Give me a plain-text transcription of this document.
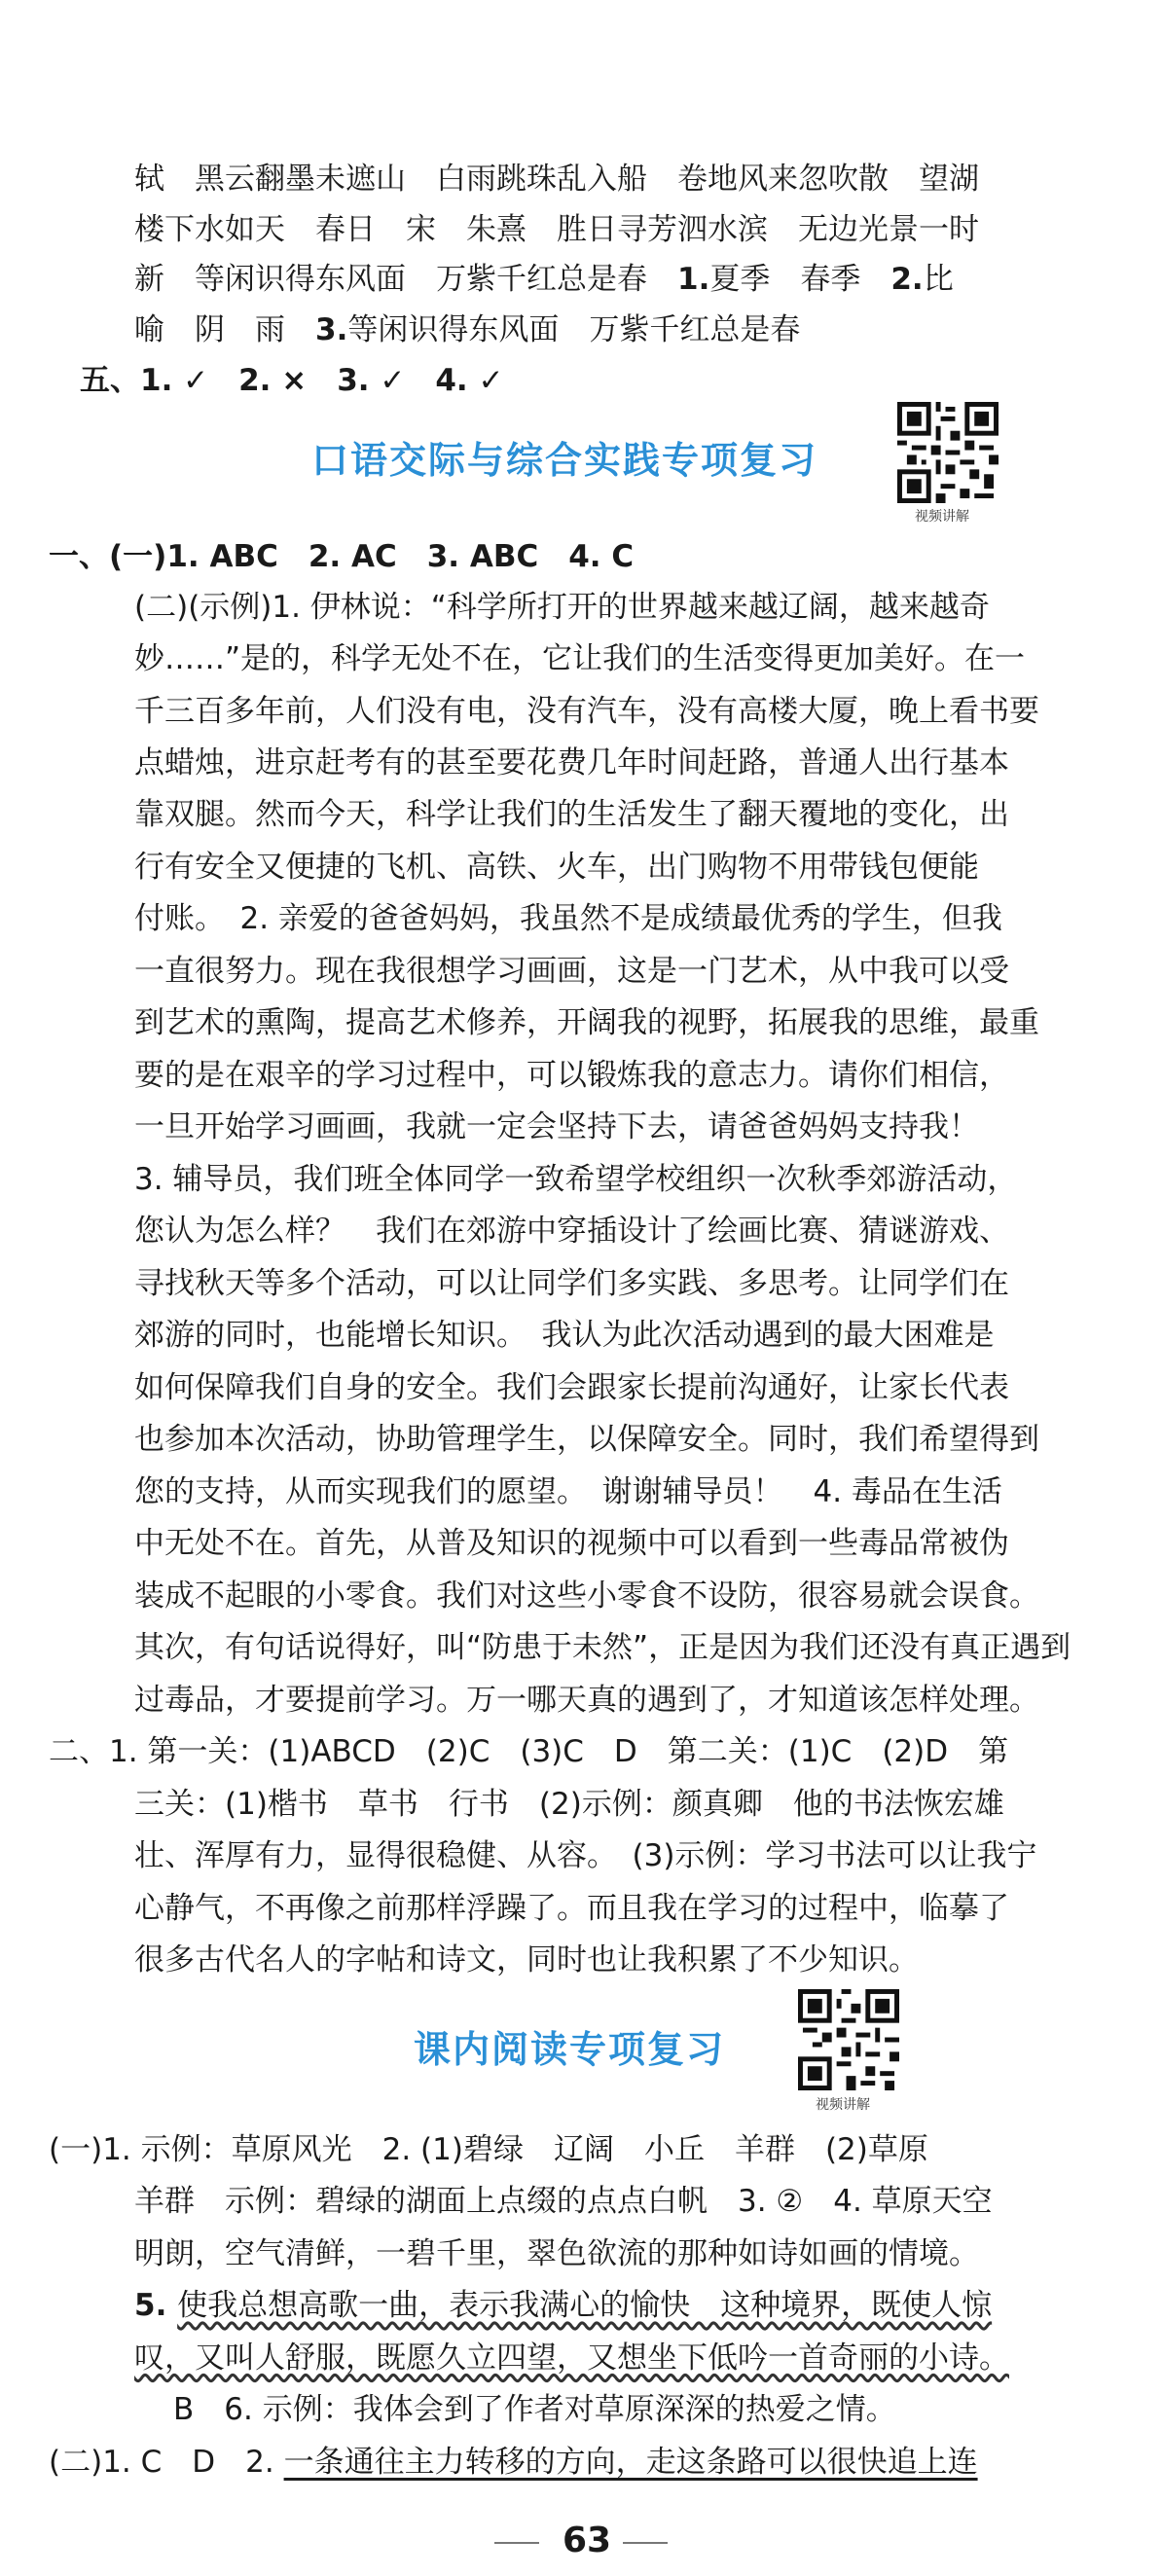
轼　黑云翻墨未遮山　白雨跳珠乱入船　卷地风来忽吹散　望湖
楼下水如天　春日　宋　朱熹　胜日寻芳泗水滨　无边光景一时
新　等闲识得东风面　万紫千红总是春　1.夏季　春季　2.比
喻　阴　雨　3.等闲识得东风面　万紫千红总是春
五、1. ✓　2. ×　3. ✓　4. ✓
口语交际与综合实践专项复习
视频讲解
一、(一)1. ABC　2. AC　3. ABC　4. C
(二)(示例)1. 伊林说：“科学所打开的世界越来越辽阔，越来越奇
妙……”是的，科学无处不在，它让我们的生活变得更加美好。在一
千三百多年前，人们没有电，没有汽车，没有高楼大厦，晚上看书要
点蜡烛，进京赶考有的甚至要花费几年时间赶路，普通人出行基本
靠双腿。然而今天，科学让我们的生活发生了翻天覆地的变化，出
行有安全又便捷的飞机、高铁、火车，出门购物不用带钱包便能
付账。　2. 亲爱的爸爸妈妈，我虽然不是成绩最优秀的学生，但我
一直很努力。现在我很想学习画画，这是一门艺术，从中我可以受
到艺术的熏陶，提高艺术修养，开阔我的视野，拓展我的思维，最重
要的是在艰辛的学习过程中，可以锻炼我的意志力。请你们相信，
一旦开始学习画画，我就一定会坚持下去，请爸爸妈妈支持我！
3. 辅导员，我们班全体同学一致希望学校组织一次秋季郊游活动，
您认为怎么样？　我们在郊游中穿插设计了绘画比赛、猜谜游戏、
寻找秋天等多个活动，可以让同学们多实践、多思考。让同学们在
郊游的同时，也能增长知识。　我认为此次活动遇到的最大困难是
如何保障我们自身的安全。我们会跟家长提前沟通好，让家长代表
也参加本次活动，协助管理学生，以保障安全。同时，我们希望得到
您的支持，从而实现我们的愿望。　谢谢辅导员！　4. 毒品在生活
中无处不在。首先，从普及知识的视频中可以看到一些毒品常被伪
装成不起眼的小零食。我们对这些小零食不设防，很容易就会误食。
其次，有句话说得好，叫“防患于未然”，正是因为我们还没有真正遇到
过毒品，才要提前学习。万一哪天真的遇到了，才知道该怎样处理。
二、1. 第一关：(1)ABCD　(2)C　(3)C　D　第二关：(1)C　(2)D　第
三关：(1)楷书　草书　行书　(2)示例：颜真卿　他的书法恢宏雄
壮、浑厚有力，显得很稳健、从容。　(3)示例：学习书法可以让我宁
心静气，不再像之前那样浮躁了。而且我在学习的过程中，临摹了
很多古代名人的字帖和诗文，同时也让我积累了不少知识。
课内阅读专项复习
视频讲解
(一)1. 示例：草原风光　2. (1)碧绿　辽阔　小丘　羊群　(2)草原
羊群　示例：碧绿的湖面上点缀的点点白帆　3. ②　4. 草原天空
明朗，空气清鲜，一碧千里，翠色欲流的那种如诗如画的情境。
5. 使我总想高歌一曲，表示我满心的愉快　这种境界，既使人惊
叹，又叫人舒服，既愿久立四望，又想坐下低吟一首奇丽的小诗。
B　6. 示例：我体会到了作者对草原深深的热爱之情。
(二)1. C　D　2. 一条通往主力转移的方向，走这条路可以很快追上连
63
